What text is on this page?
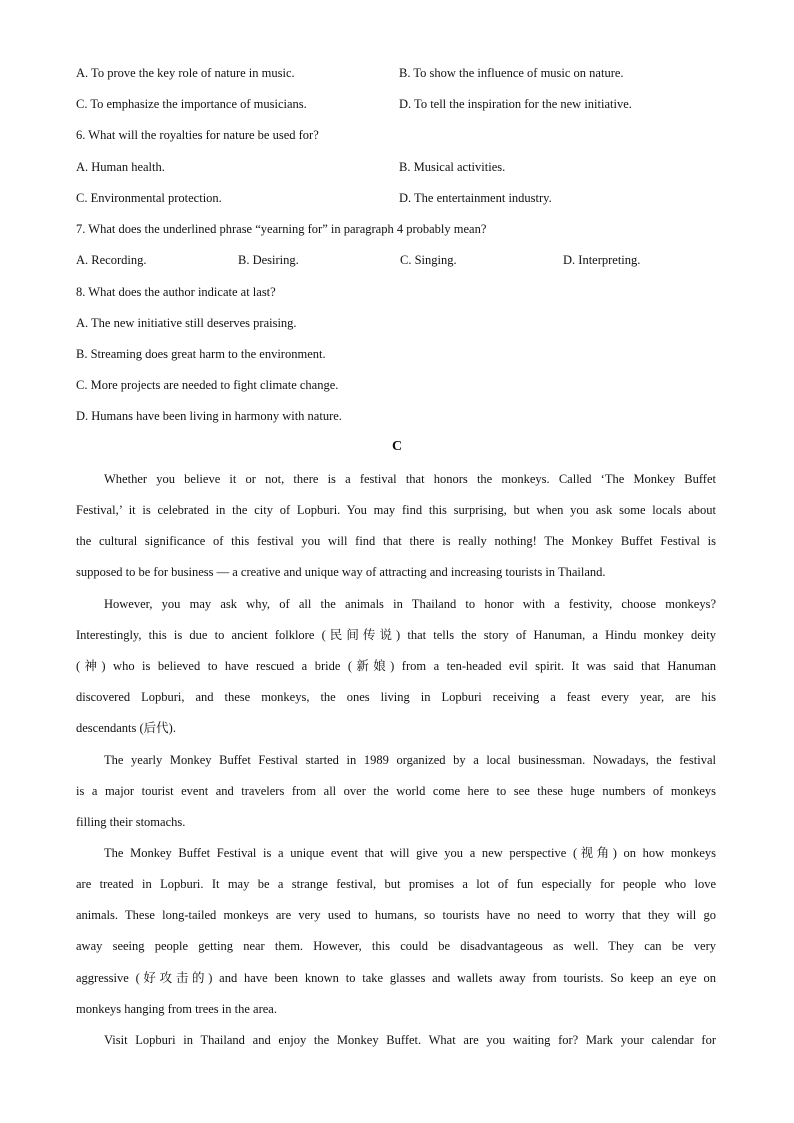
A. To prove the key role of nature in music.	B. To show the influence of music on nature.
C. To emphasize the importance of musicians.	D. To tell the inspiration for the new initiative.
6. What will the royalties for nature be used for?
A. Human health.	B. Musical activities.
C. Environmental protection.	D. The entertainment industry.
7. What does the underlined phrase “yearning for” in paragraph 4 probably mean?
A. Recording.	B. Desiring.	C. Singing.	D. Interpreting.
8. What does the author indicate at last?
A. The new initiative still deserves praising.
B. Streaming does great harm to the environment.
C. More projects are needed to fight climate change.
D. Humans have been living in harmony with nature.
C
Whether you believe it or not, there is a festival that honors the monkeys. Called ‘The Monkey Buffet
Festival,’ it is celebrated in the city of Lopburi. You may find this surprising, but when you ask some locals about
the cultural significance of this festival you will find that there is really nothing! The Monkey Buffet Festival is
supposed to be for business — a creative and unique way of attracting and increasing tourists in Thailand.
However, you may ask why, of all the animals in Thailand to honor with a festivity, choose monkeys?
Interestingly, this is due to ancient folklore (民间传说) that tells the story of Hanuman, a Hindu monkey deity
(神) who is believed to have rescued a bride (新娘) from a ten-headed evil spirit. It was said that Hanuman
discovered Lopburi, and these monkeys, the ones living in Lopburi receiving a feast every year, are his
descendants (后代).
The yearly Monkey Buffet Festival started in 1989 organized by a local businessman. Nowadays, the festival
is a major tourist event and travelers from all over the world come here to see these huge numbers of monkeys
filling their stomachs.
The Monkey Buffet Festival is a unique event that will give you a new perspective (视角) on how monkeys
are treated in Lopburi. It may be a strange festival, but promises a lot of fun especially for people who love
animals. These long-tailed monkeys are very used to humans, so tourists have no need to worry that they will go
away seeing people getting near them. However, this could be disadvantageous as well. They can be very
aggressive (好攻击的) and have been known to take glasses and wallets away from tourists. So keep an eye on
monkeys hanging from trees in the area.
Visit Lopburi in Thailand and enjoy the Monkey Buffet. What are you waiting for? Mark your calendar for
